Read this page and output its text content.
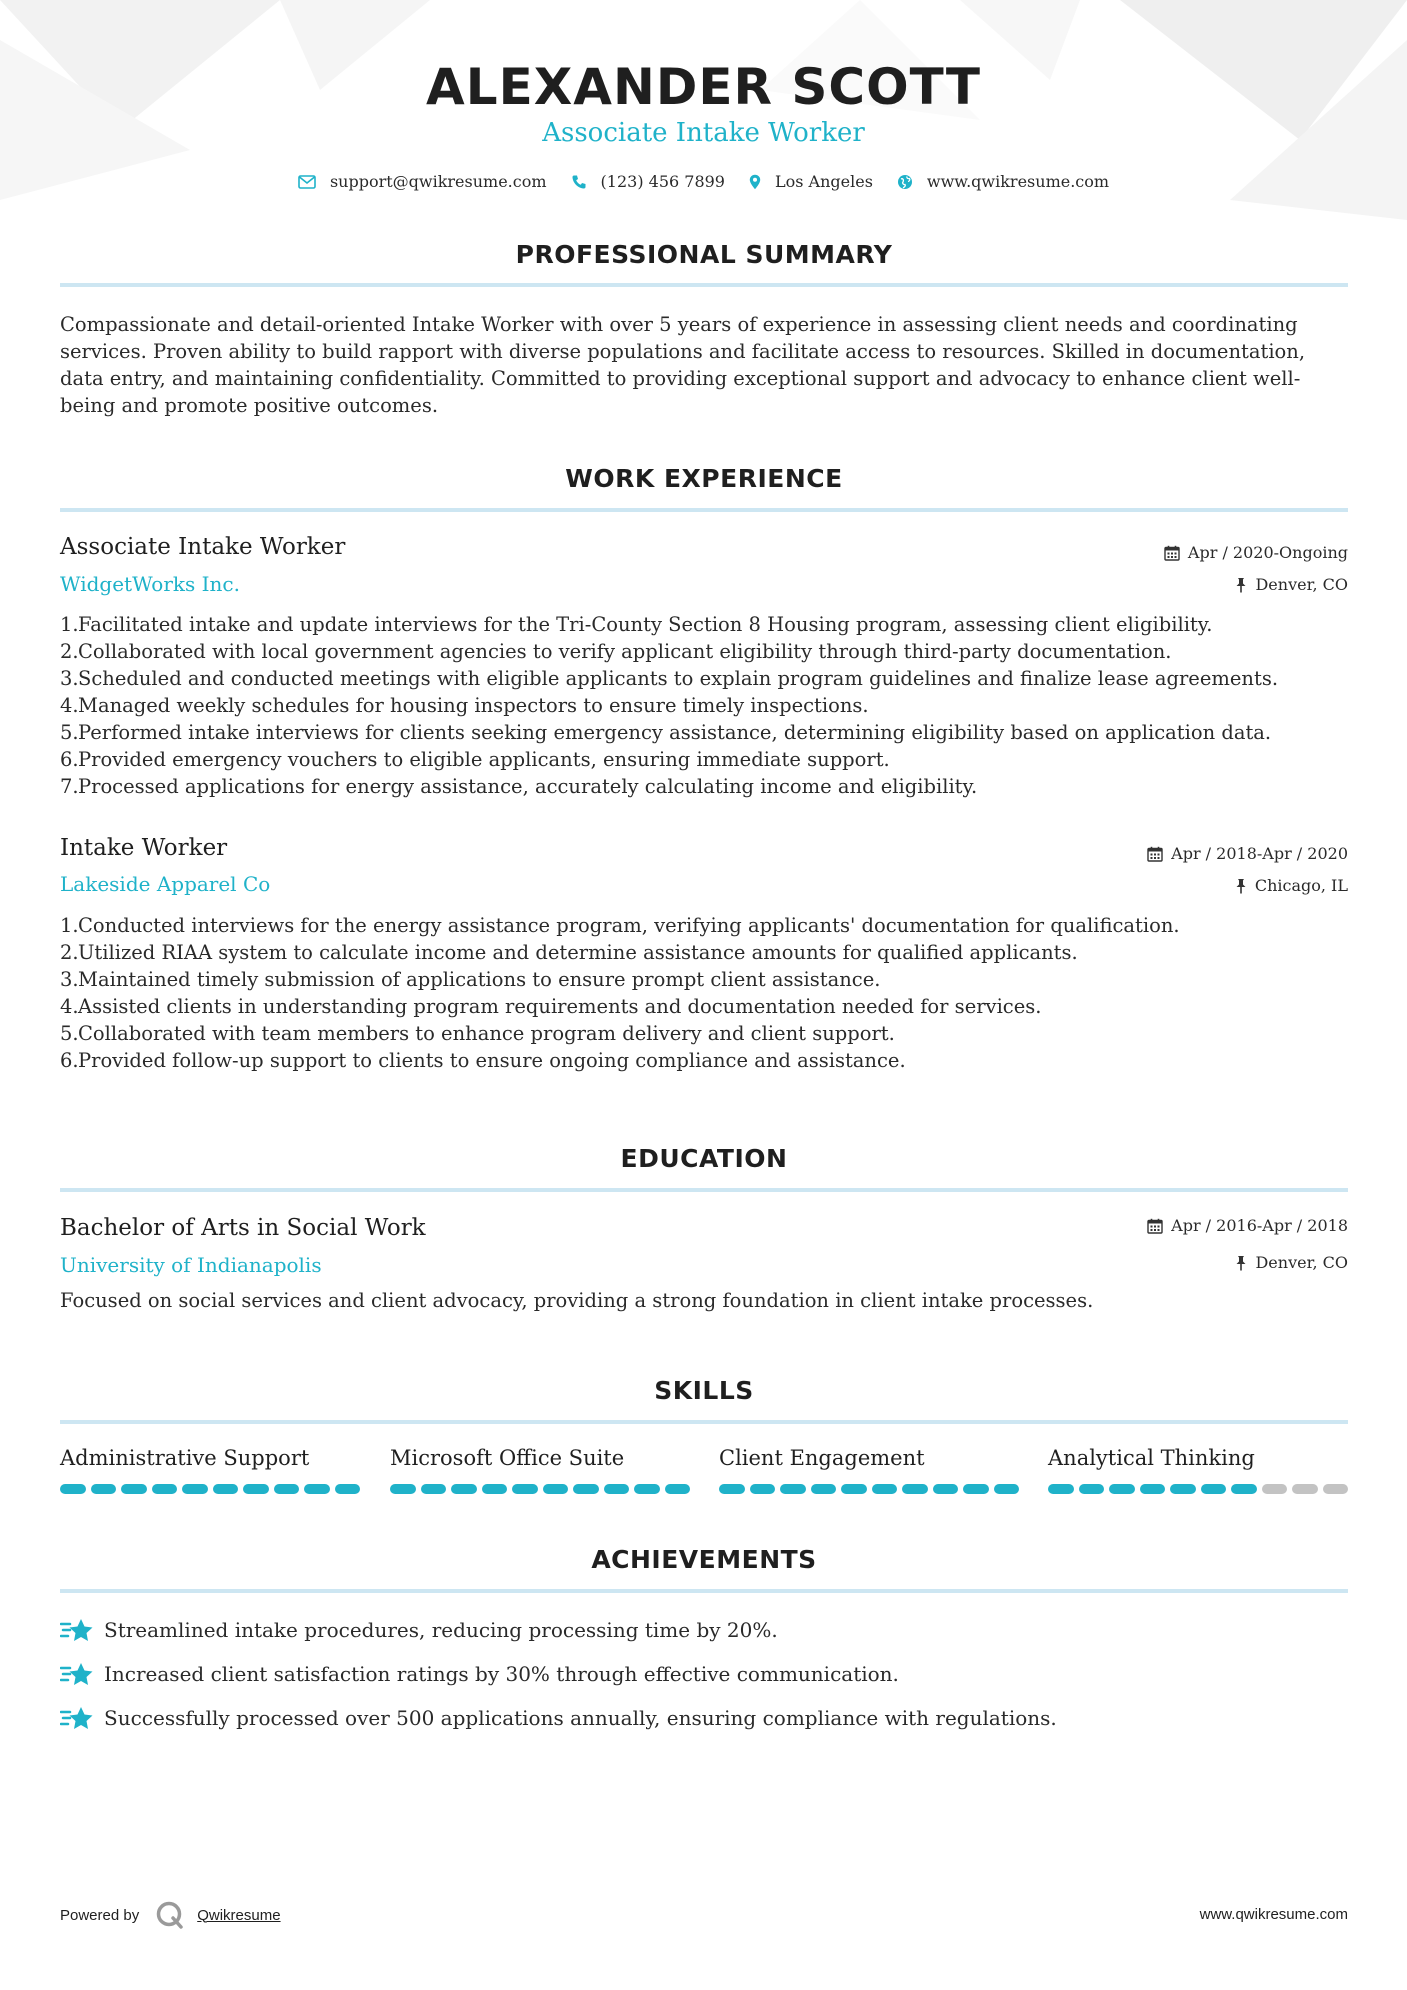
ALEXANDER SCOTT
Associate Intake Worker
support@qwikresume.com	(123) 456 7899	Los Angeles	www.qwikresume.com
PROFESSIONAL SUMMARY
Compassionate and detail-oriented Intake Worker with over 5 years of experience in assessing client needs and coordinating services. Proven ability to build rapport with diverse populations and facilitate access to resources. Skilled in documentation, data entry, and maintaining confidentiality. Committed to providing exceptional support and advocacy to enhance client well-being and promote positive outcomes.
WORK EXPERIENCE
Associate Intake Worker	Apr / 2020-Ongoing
WidgetWorks Inc.	Denver, CO
1. Facilitated intake and update interviews for the Tri-County Section 8 Housing program, assessing client eligibility.
2. Collaborated with local government agencies to verify applicant eligibility through third-party documentation.
3. Scheduled and conducted meetings with eligible applicants to explain program guidelines and finalize lease agreements.
4. Managed weekly schedules for housing inspectors to ensure timely inspections.
5. Performed intake interviews for clients seeking emergency assistance, determining eligibility based on application data.
6. Provided emergency vouchers to eligible applicants, ensuring immediate support.
7. Processed applications for energy assistance, accurately calculating income and eligibility.
Intake Worker	Apr / 2018-Apr / 2020
Lakeside Apparel Co	Chicago, IL
1. Conducted interviews for the energy assistance program, verifying applicants' documentation for qualification.
2. Utilized RIAA system to calculate income and determine assistance amounts for qualified applicants.
3. Maintained timely submission of applications to ensure prompt client assistance.
4. Assisted clients in understanding program requirements and documentation needed for services.
5. Collaborated with team members to enhance program delivery and client support.
6. Provided follow-up support to clients to ensure ongoing compliance and assistance.
EDUCATION
Bachelor of Arts in Social Work	Apr / 2016-Apr / 2018
University of Indianapolis	Denver, CO
Focused on social services and client advocacy, providing a strong foundation in client intake processes.
SKILLS
Administrative Support	Microsoft Office Suite	Client Engagement	Analytical Thinking
ACHIEVEMENTS
Streamlined intake procedures, reducing processing time by 20%.
Increased client satisfaction ratings by 30% through effective communication.
Successfully processed over 500 applications annually, ensuring compliance with regulations.
Powered by	Qwikresume	www.qwikresume.com
